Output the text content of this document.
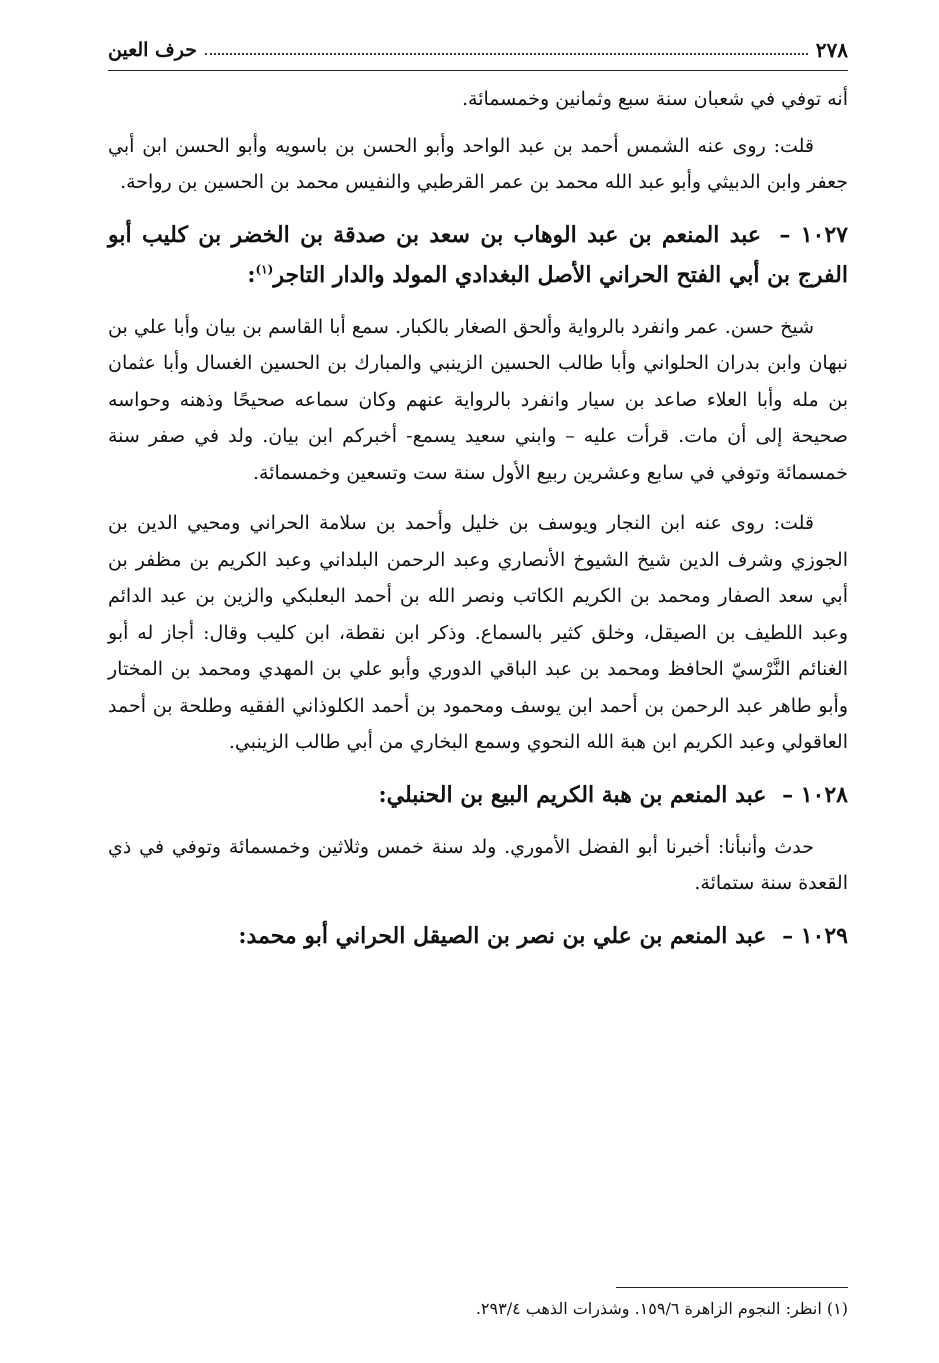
٢٧٨
حرف العين

أنه توفي في شعبان سنة سبع وثمانين وخمسمائة.

قلت: روى عنه الشمس أحمد بن عبد الواحد وأبو الحسن بن باسويه وأبو الحسن ابن أبي جعفر وابن الدبيثي وأبو عبد الله محمد بن عمر القرطبي والنفيس محمد بن الحسين بن رواحة.

١٠٢٧ – عبد المنعم بن عبد الوهاب بن سعد بن صدقة بن الخضر بن كليب أبو الفرج بن أبي الفتح الحراني الأصل البغدادي المولد والدار التاجر$^{(١)}$:

شيخ حسن. عمر وانفرد بالرواية وألحق الصغار بالكبار. سمع أبا القاسم بن بيان وأبا علي بن نبهان وابن بدران الحلواني وأبا طالب الحسين الزينبي والمبارك بن الحسين الغسال وأبا عثمان بن مله وأبا العلاء صاعد بن سيار وانفرد بالرواية عنهم وكان سماعه صحيحًا وذهنه وحواسه صحيحة إلى أن مات. قرأت عليه – وابني سعيد يسمع- أخبركم ابن بيان. ولد في صفر سنة خمسمائة وتوفي في سابع وعشرين ربيع الأول سنة ست وتسعين وخمسمائة.

قلت: روى عنه ابن النجار ويوسف بن خليل وأحمد بن سلامة الحراني ومحيي الدين بن الجوزي وشرف الدين شيخ الشيوخ الأنصاري وعبد الرحمن البلداني وعبد الكريم بن مظفر بن أبي سعد الصفار ومحمد بن الكريم الكاتب ونصر الله بن أحمد البعلبكي والزين بن عبد الدائم وعبد اللطيف بن الصيقل، وخلق كثير بالسماع. وذكر ابن نقطة، ابن كليب وقال: أجاز له أبو الغنائم النَّرْسيّ الحافظ ومحمد بن عبد الباقي الدوري وأبو علي بن المهدي ومحمد بن المختار وأبو طاهر عبد الرحمن بن أحمد ابن يوسف ومحمود بن أحمد الكلوذاني الفقيه وطلحة بن أحمد العاقولي وعبد الكريم ابن هبة الله النحوي وسمع البخاري من أبي طالب الزينبي.

١٠٢٨ – عبد المنعم بن هبة الكريم البيع بن الحنبلي:

حدث وأنبأنا: أخبرنا أبو الفضل الأموري. ولد سنة خمس وثلاثين وخمسمائة وتوفي في ذي القعدة سنة ستمائة.

١٠٢٩ – عبد المنعم بن علي بن نصر بن الصيقل الحراني أبو محمد:
(١) انظر: النجوم الزاهرة ١٥٩/٦. وشذرات الذهب ٢٩٣/٤.
